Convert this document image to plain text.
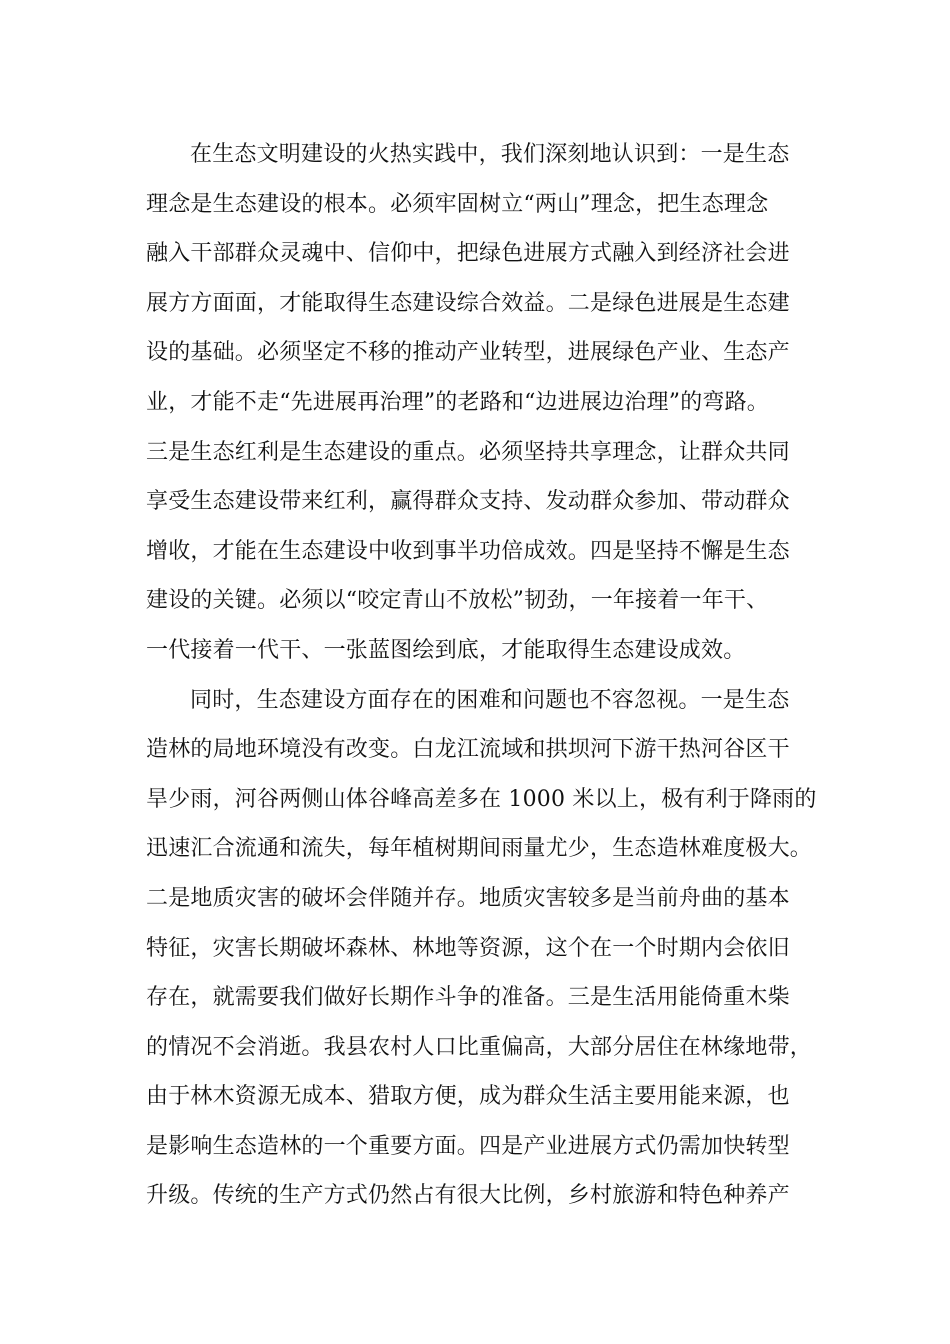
在生态文明建设的火热实践中，我们深刻地认识到：一是生态
理念是生态建设的根本。必须牢固树立“两山”理念，把生态理念
融入干部群众灵魂中、信仰中，把绿色进展方式融入到经济社会进
展方方面面，才能取得生态建设综合效益。二是绿色进展是生态建
设的基础。必须坚定不移的推动产业转型，进展绿色产业、生态产
业，才能不走“先进展再治理”的老路和“边进展边治理”的弯路。
三是生态红利是生态建设的重点。必须坚持共享理念，让群众共同
享受生态建设带来红利，赢得群众支持、发动群众参加、带动群众
增收，才能在生态建设中收到事半功倍成效。四是坚持不懈是生态
建设的关键。必须以“咬定青山不放松”韧劲，一年接着一年干、
一代接着一代干、一张蓝图绘到底，才能取得生态建设成效。
同时，生态建设方面存在的困难和问题也不容忽视。一是生态
造林的局地环境没有改变。白龙江流域和拱坝河下游干热河谷区干
旱少雨，河谷两侧山体谷峰高差多在 1000 米以上，极有利于降雨的
迅速汇合流通和流失，每年植树期间雨量尤少，生态造林难度极大。
二是地质灾害的破坏会伴随并存。地质灾害较多是当前舟曲的基本
特征，灾害长期破坏森林、林地等资源，这个在一个时期内会依旧
存在，就需要我们做好长期作斗争的准备。三是生活用能倚重木柴
的情况不会消逝。我县农村人口比重偏高，大部分居住在林缘地带，
由于林木资源无成本、猎取方便，成为群众生活主要用能来源，也
是影响生态造林的一个重要方面。四是产业进展方式仍需加快转型
升级。传统的生产方式仍然占有很大比例，乡村旅游和特色种养产
